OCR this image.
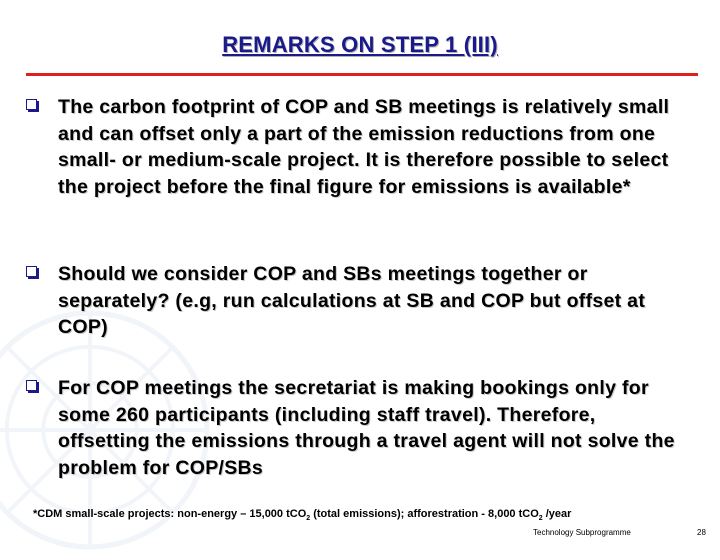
REMARKS ON STEP 1 (III)
The carbon footprint of COP and SB meetings is relatively small and can offset only a part of the emission reductions from one small- or medium-scale project. It is therefore possible to select the project before the final figure for emissions is available*
Should we consider COP and SBs meetings together or separately? (e.g, run calculations at SB and COP but offset at COP)
For COP meetings the secretariat is making bookings only for some 260 participants (including staff travel). Therefore, offsetting the emissions through a travel agent will not solve the problem for COP/SBs
*CDM small-scale projects: non-energy – 15,000 tCO$_2$ (total emissions); afforestration - 8,000 tCO$_2$ /year
Technology Subprogramme	28
